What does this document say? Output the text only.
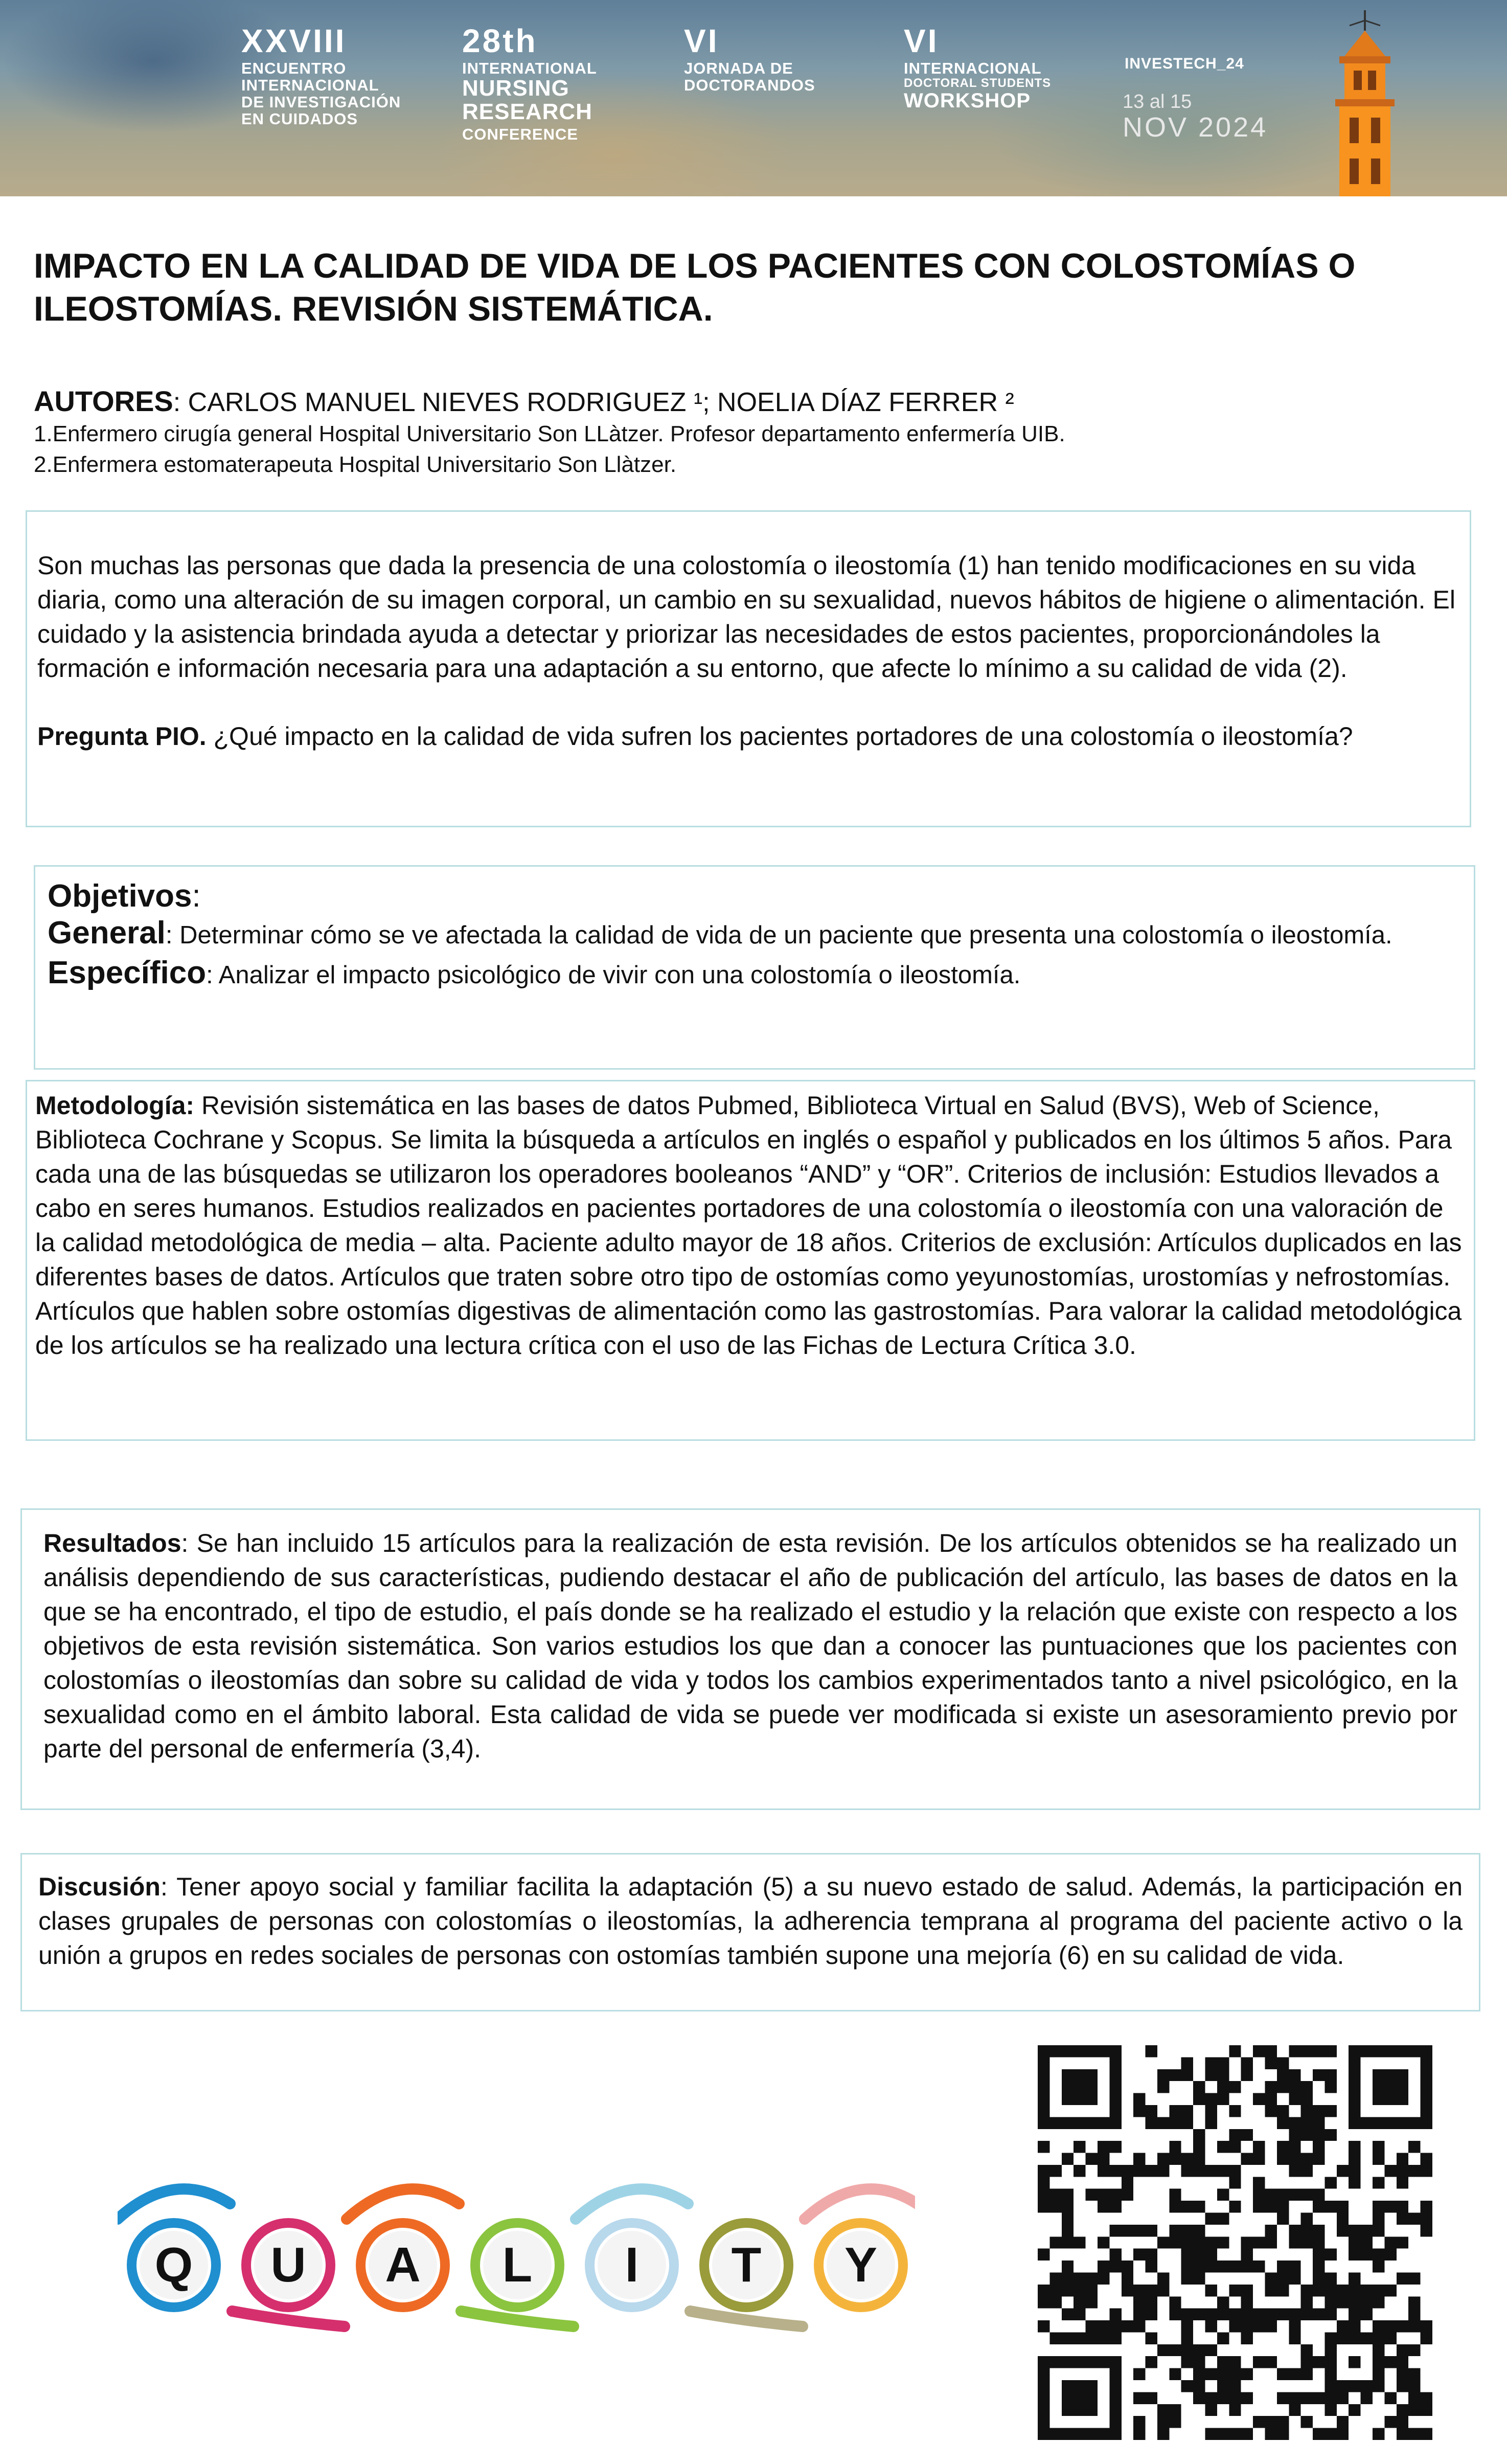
XXVIII
ENCUENTRO
INTERNACIONAL
DE INVESTIGACIÓN
EN CUIDADOS
28th
INTERNATIONAL
NURSING
RESEARCH
CONFERENCE
VI
JORNADA DE
DOCTORANDOS
VI
INTERNACIONAL
DOCTORAL STUDENTS
WORKSHOP
INVESTECH_24
13 al 15
NOV 2024
IMPACTO EN LA CALIDAD DE VIDA DE LOS PACIENTES CON COLOSTOMÍAS O ILEOSTOMÍAS. REVISIÓN SISTEMÁTICA.
AUTORES: CARLOS MANUEL NIEVES RODRIGUEZ ¹; NOELIA DÍAZ FERRER ²
1.Enfermero cirugía general Hospital Universitario Son LLàtzer. Profesor departamento enfermería UIB.
2.Enfermera estomaterapeuta Hospital Universitario Son Llàtzer.
Son muchas las personas que dada la presencia de una colostomía o ileostomía (1) han tenido modificaciones en su vida diaria, como una alteración de su imagen corporal, un cambio en su sexualidad, nuevos hábitos de higiene o alimentación. El cuidado y la asistencia brindada ayuda a detectar y priorizar las necesidades de estos pacientes, proporcionándoles la formación e información necesaria para una adaptación a su entorno, que afecte lo mínimo a su calidad de vida (2).
Pregunta PIO. ¿Qué impacto en la calidad de vida sufren los pacientes portadores de una colostomía o ileostomía?
Objetivos:
General: Determinar cómo se ve afectada la calidad de vida de un paciente que presenta una colostomía o ileostomía.
Específico: Analizar el impacto psicológico de vivir con una colostomía o ileostomía.
Metodología: Revisión sistemática en las bases de datos Pubmed, Biblioteca Virtual en Salud (BVS), Web of Science, Biblioteca Cochrane y Scopus. Se limita la búsqueda a artículos en inglés o español y publicados en los últimos 5 años. Para cada una de las búsquedas se utilizaron los operadores booleanos “AND” y “OR”. Criterios de inclusión: Estudios llevados a cabo en seres humanos. Estudios realizados en pacientes portadores de una colostomía o ileostomía con una valoración de la calidad metodológica de media – alta. Paciente adulto mayor de 18 años. Criterios de exclusión: Artículos duplicados en las diferentes bases de datos. Artículos que traten sobre otro tipo de ostomías como yeyunostomías, urostomías y nefrostomías. Artículos que hablen sobre ostomías digestivas de alimentación como las gastrostomías. Para valorar la calidad metodológica de los artículos se ha realizado una lectura crítica con el uso de las Fichas de Lectura Crítica 3.0.
Resultados: Se han incluido 15 artículos para la realización de esta revisión. De los artículos obtenidos se ha realizado un análisis dependiendo de sus características, pudiendo destacar el año de publicación del artículo, las bases de datos en la que se ha encontrado, el tipo de estudio, el país donde se ha realizado el estudio y la relación que existe con respecto a los objetivos de esta revisión sistemática. Son varios estudios los que dan a conocer las puntuaciones que los pacientes con colostomías o ileostomías dan sobre su calidad de vida y todos los cambios experimentados tanto a nivel psicológico, en la sexualidad como en el ámbito laboral. Esta calidad de vida se puede ver modificada si existe un asesoramiento previo por parte del personal de enfermería (3,4).
Discusión: Tener apoyo social y familiar facilita la adaptación (5) a su nuevo estado de salud. Además, la participación en clases grupales de personas con colostomías o ileostomías, la adherencia temprana al programa del paciente activo o la unión a grupos en redes sociales de personas con ostomías también supone una mejoría (6) en su calidad de vida.
Q U A L I T Y
